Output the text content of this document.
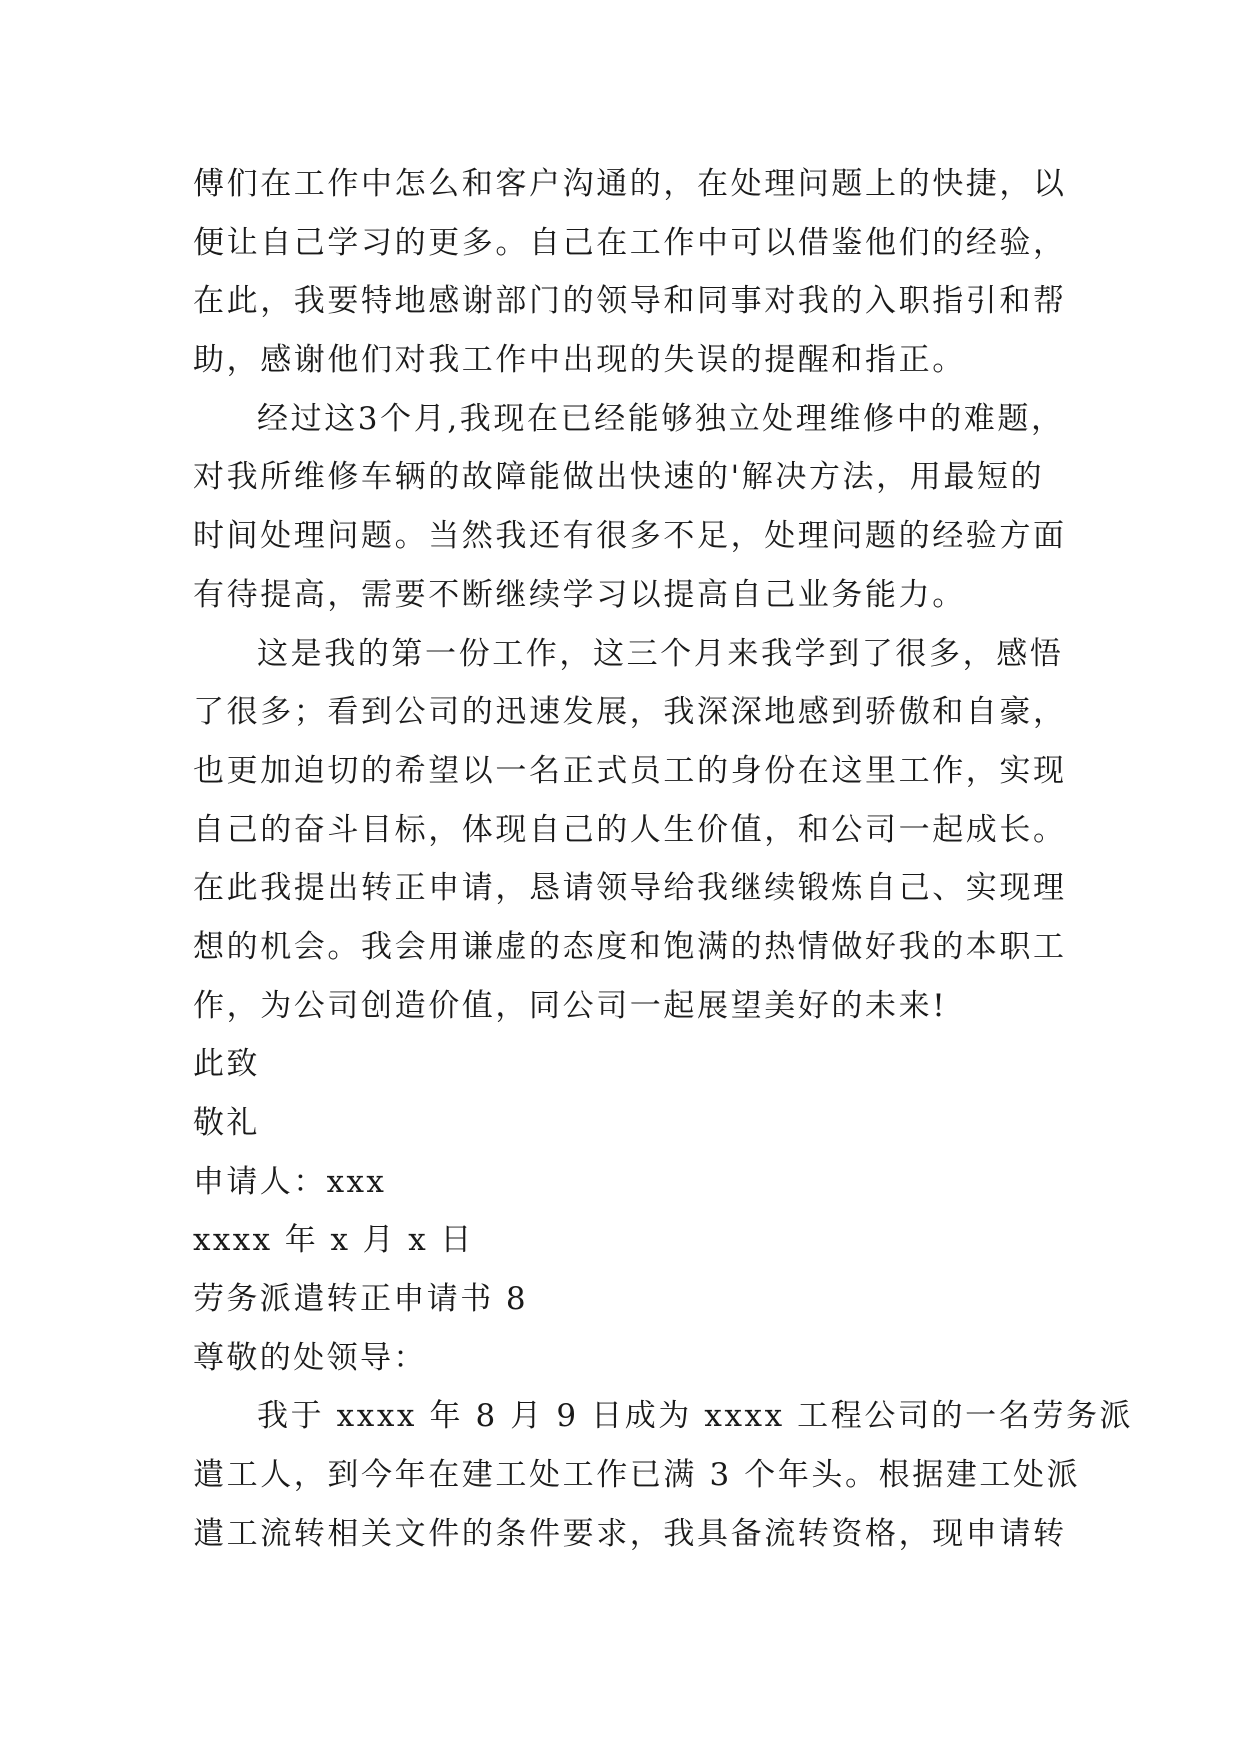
傅们在工作中怎么和客户沟通的，在处理问题上的快捷，以
便让自己学习的更多。自己在工作中可以借鉴他们的经验，
在此，我要特地感谢部门的领导和同事对我的入职指引和帮
助，感谢他们对我工作中出现的失误的提醒和指正。
经过这3个月,我现在已经能够独立处理维修中的难题，
对我所维修车辆的故障能做出快速的'解决方法，用最短的
时间处理问题。当然我还有很多不足，处理问题的经验方面
有待提高，需要不断继续学习以提高自己业务能力。
这是我的第一份工作，这三个月来我学到了很多，感悟
了很多；看到公司的迅速发展，我深深地感到骄傲和自豪，
也更加迫切的希望以一名正式员工的身份在这里工作，实现
自己的奋斗目标，体现自己的人生价值，和公司一起成长。
在此我提出转正申请，恳请领导给我继续锻炼自己、实现理
想的机会。我会用谦虚的态度和饱满的热情做好我的本职工
作，为公司创造价值，同公司一起展望美好的未来!
此致
敬礼
申请人：xxx
xxxx 年 x 月 x 日
劳务派遣转正申请书 8
尊敬的处领导：
我于 xxxx 年 8 月 9 日成为 xxxx 工程公司的一名劳务派
遣工人，到今年在建工处工作已满 3 个年头。根据建工处派
遣工流转相关文件的条件要求，我具备流转资格，现申请转
